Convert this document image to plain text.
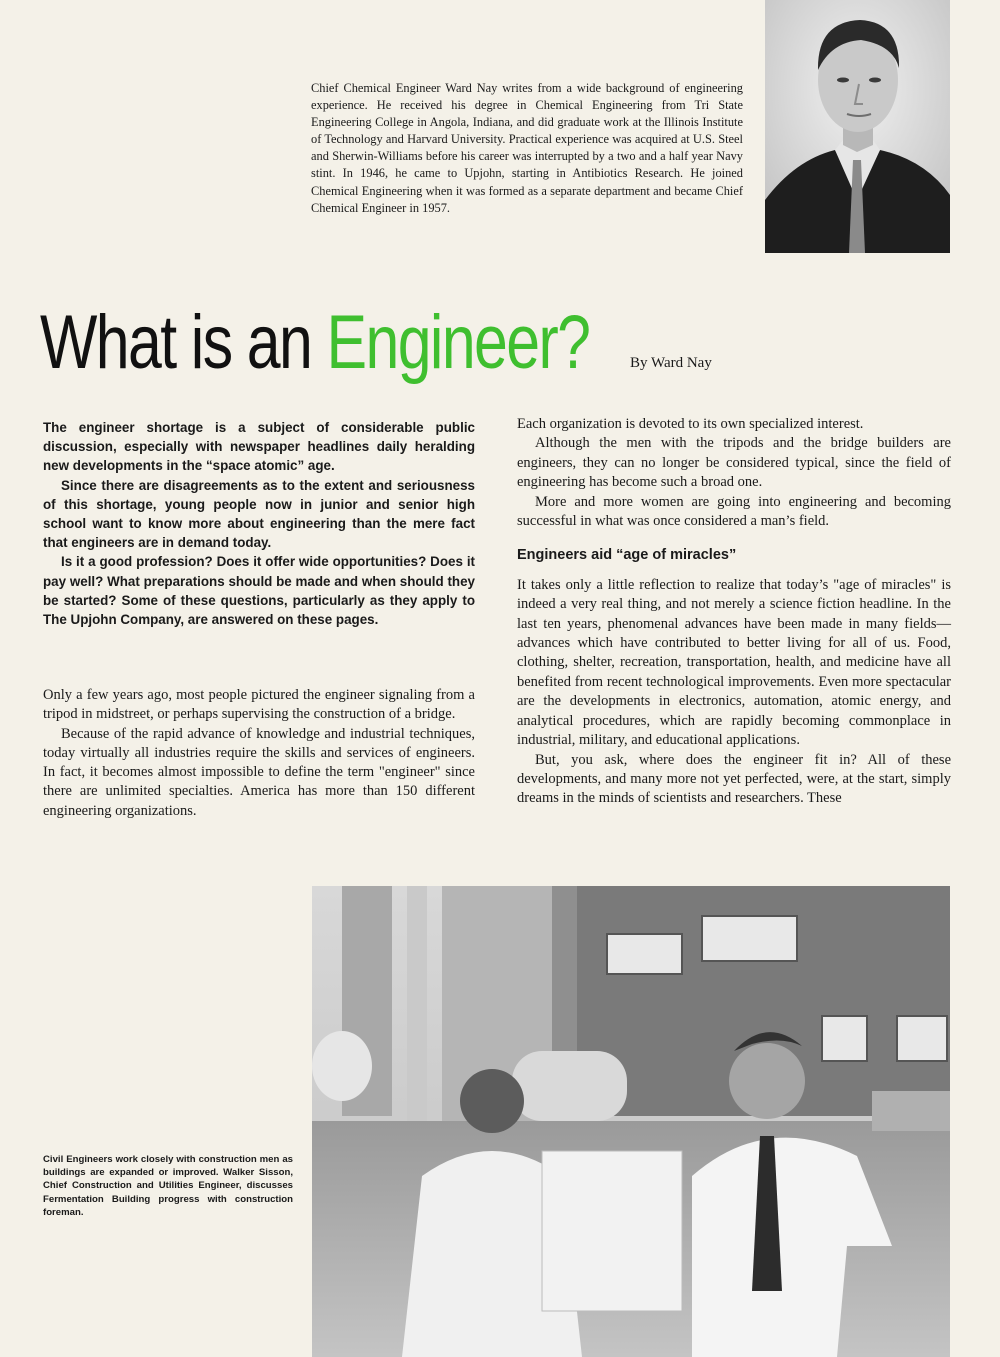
Chief Chemical Engineer Ward Nay writes from a wide background of engineering experience. He received his degree in Chemical Engineering from Tri State Engineering College in Angola, Indiana, and did graduate work at the Illinois Institute of Technology and Harvard University. Practical experience was acquired at U.S. Steel and Sherwin-Williams before his career was interrupted by a two and a half year Navy stint. In 1946, he came to Upjohn, starting in Antibiotics Research. He joined Chemical Engineering when it was formed as a separate department and became Chief Chemical Engineer in 1957.
What is an Engineer?	By Ward Nay

The engineer shortage is a subject of considerable public discussion, especially with newspaper headlines daily heralding new developments in the “space atomic” age.

Since there are disagreements as to the extent and seriousness of this shortage, young people now in junior and senior high school want to know more about engineering than the mere fact that engineers are in demand today.

Is it a good profession? Does it offer wide opportunities? Does it pay well? What preparations should be made and when should they be started? Some of these questions, particularly as they apply to The Upjohn Company, are answered on these pages.

Only a few years ago, most people pictured the engineer signaling from a tripod in midstreet, or perhaps supervising the construction of a bridge.

Because of the rapid advance of knowledge and industrial techniques, today virtually all industries require the skills and services of engineers. In fact, it becomes almost impossible to define the term "engineer" since there are unlimited specialties. America has more than 150 different engineering organizations.

Each organization is devoted to its own specialized interest.

Although the men with the tripods and the bridge builders are engineers, they can no longer be considered typical, since the field of engineering has become such a broad one.

More and more women are going into engineering and becoming successful in what was once considered a man’s field.

Engineers aid “age of miracles”

It takes only a little reflection to realize that today’s "age of miracles" is indeed a very real thing, and not merely a science fiction headline. In the last ten years, phenomenal advances have been made in many fields—advances which have contributed to better living for all of us. Food, clothing, shelter, recreation, transportation, health, and medicine have all benefited from recent technological improvements. Even more spectacular are the developments in electronics, automation, atomic energy, and analytical procedures, which are rapidly becoming commonplace in industrial, military, and educational applications.

But, you ask, where does the engineer fit in? All of these developments, and many more not yet perfected, were, at the start, simply dreams in the minds of scientists and researchers. These

Civil Engineers work closely with construction men as buildings are expanded or improved. Walker Sisson, Chief Construction and Utilities Engineer, discusses Fermentation Building progress with construction foreman.
